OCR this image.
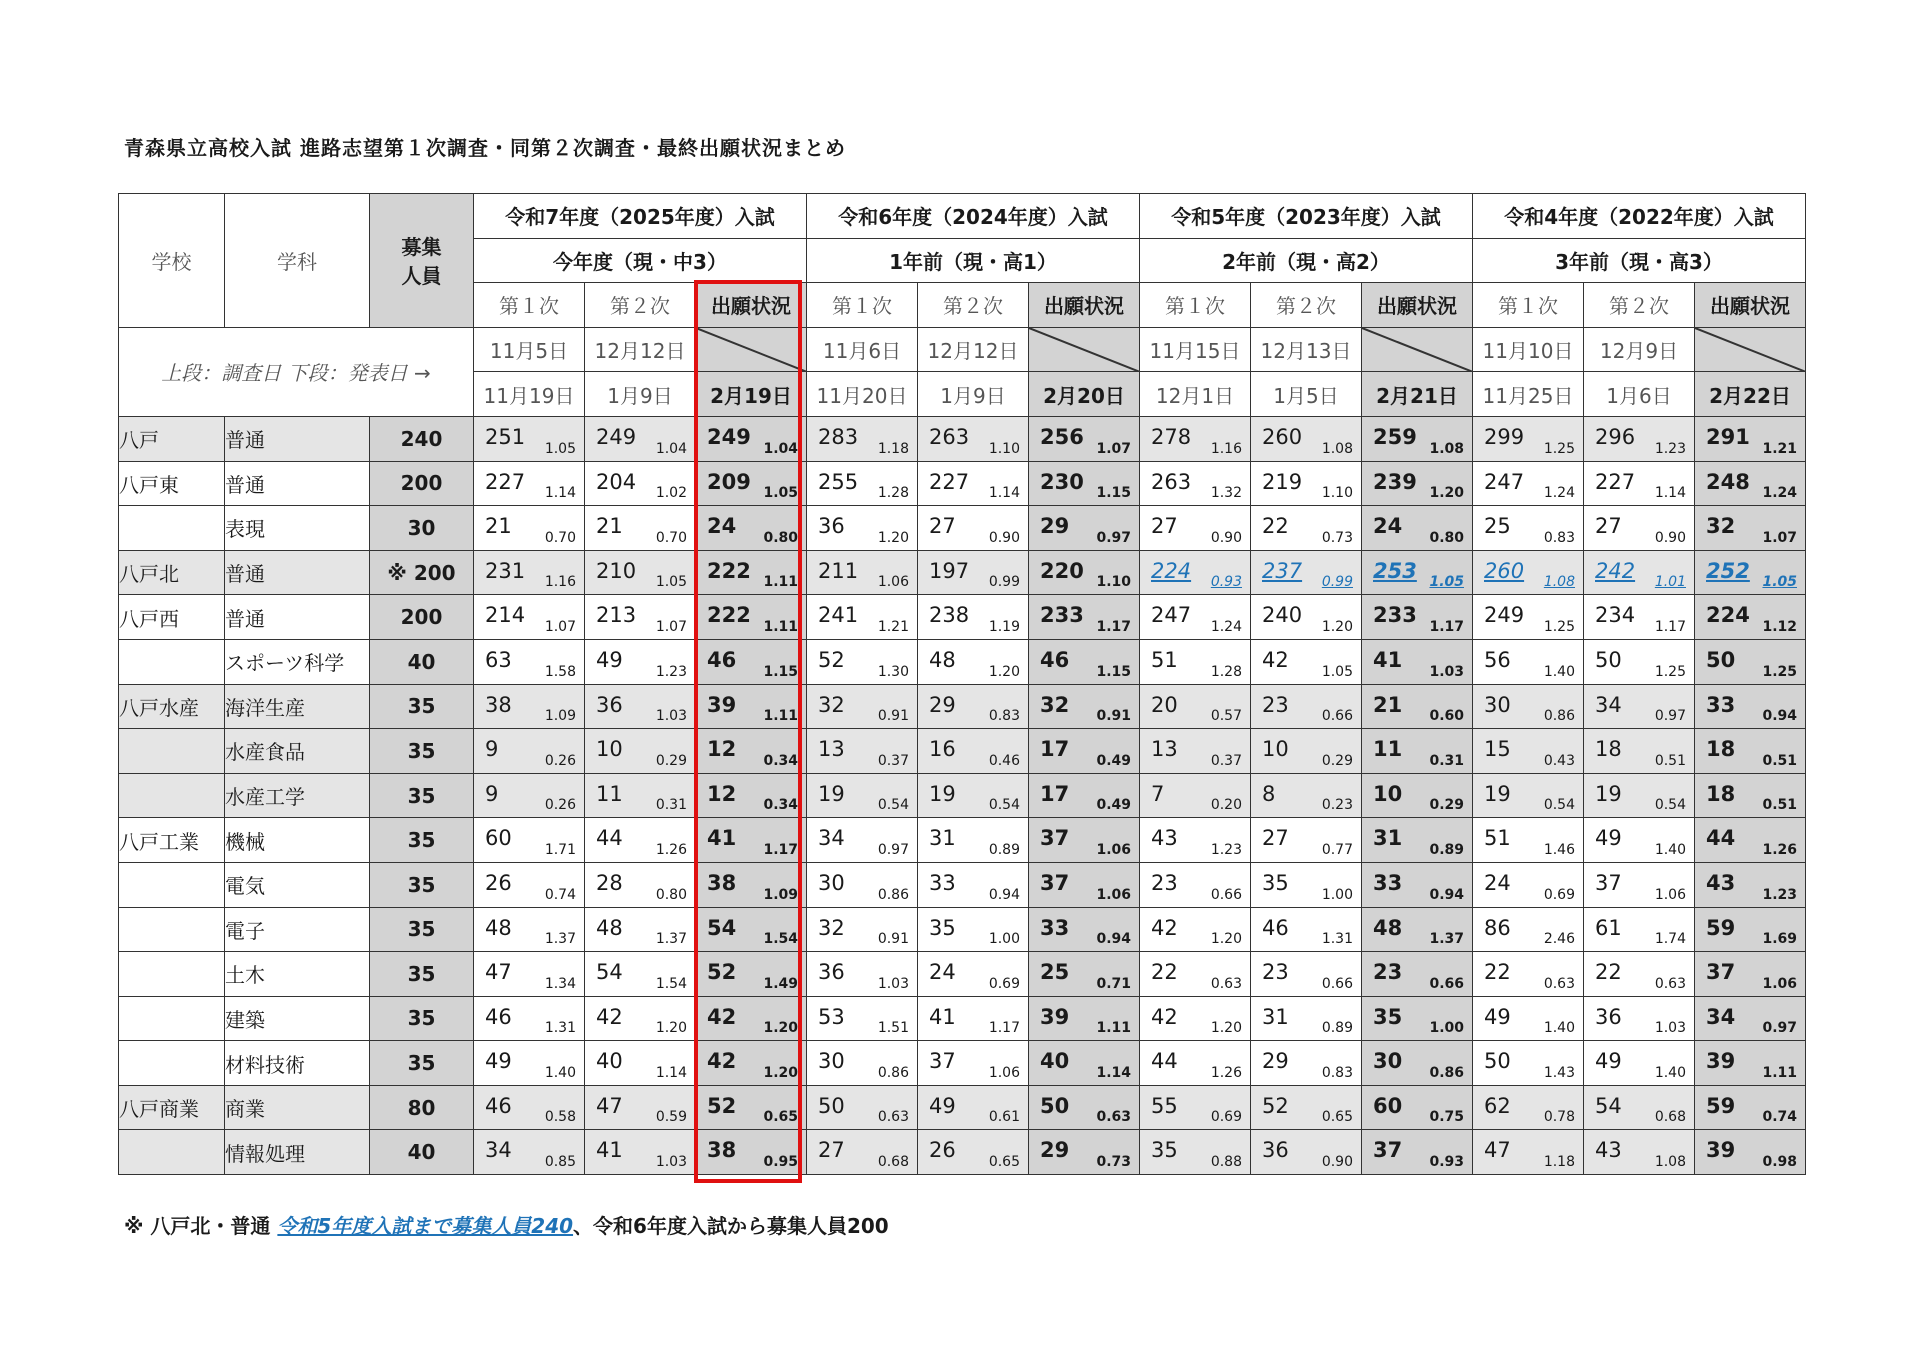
青森県立高校入試 進路志望第１次調査・同第２次調査・最終出願状況まとめ
学校	学科	募集
人員	令和7年度（2025年度）入試			令和6年度（2024年度）入試			令和5年度（2023年度）入試			令和4年度（2022年度）入試		
			今年度（現・中3）			1年前（現・高1）			2年前（現・高2）			3年前（現・高3）		
			第１次	第２次	出願状況	第１次	第２次	出願状況	第１次	第２次	出願状況	第１次	第２次	出願状況
上段：調査日 下段：発表日 →			11月5日	12月12日		11月6日	12月12日		11月15日	12月13日		11月10日	12月9日	

			11月19日	1月9日	2月19日	11月20日	1月9日	2月20日	12月1日	1月5日	2月21日	11月25日	1月6日	2月22日
八戸	普通	240	251 1.05	249 1.04	249 1.04	283 1.18	263 1.10	256 1.07	278 1.16	260 1.08	259 1.08	299 1.25	296 1.23	291 1.21

八戸東	普通	200	227 1.14	204 1.02	209 1.05	255 1.28	227 1.14	230 1.15	263 1.32	219 1.10	239 1.20	247 1.24	227 1.14	248 1.24

	表現	30	21 0.70	21 0.70	24 0.80	36 1.20	27 0.90	29 0.97	27 0.90	22 0.73	24 0.80	25 0.83	27 0.90	32 1.07

八戸北	普通	※ 200	231 1.16	210 1.05	222 1.11	211 1.06	197 0.99	220 1.10	224 0.93	237 0.99	253 1.05	260 1.08	242 1.01	252 1.05

八戸西	普通	200	214 1.07	213 1.07	222 1.11	241 1.21	238 1.19	233 1.17	247 1.24	240 1.20	233 1.17	249 1.25	234 1.17	224 1.12

	スポーツ科学	40	63 1.58	49 1.23	46 1.15	52 1.30	48 1.20	46 1.15	51 1.28	42 1.05	41 1.03	56 1.40	50 1.25	50 1.25

八戸水産	海洋生産	35	38 1.09	36 1.03	39 1.11	32 0.91	29 0.83	32 0.91	20 0.57	23 0.66	21 0.60	30 0.86	34 0.97	33 0.94

	水産食品	35	9 0.26	10 0.29	12 0.34	13 0.37	16 0.46	17 0.49	13 0.37	10 0.29	11 0.31	15 0.43	18 0.51	18 0.51

	水産工学	35	9 0.26	11 0.31	12 0.34	19 0.54	19 0.54	17 0.49	7 0.20	8 0.23	10 0.29	19 0.54	19 0.54	18 0.51

八戸工業	機械	35	60 1.71	44 1.26	41 1.17	34 0.97	31 0.89	37 1.06	43 1.23	27 0.77	31 0.89	51 1.46	49 1.40	44 1.26

	電気	35	26 0.74	28 0.80	38 1.09	30 0.86	33 0.94	37 1.06	23 0.66	35 1.00	33 0.94	24 0.69	37 1.06	43 1.23

	電子	35	48 1.37	48 1.37	54 1.54	32 0.91	35 1.00	33 0.94	42 1.20	46 1.31	48 1.37	86 2.46	61 1.74	59 1.69

	土木	35	47 1.34	54 1.54	52 1.49	36 1.03	24 0.69	25 0.71	22 0.63	23 0.66	23 0.66	22 0.63	22 0.63	37 1.06

	建築	35	46 1.31	42 1.20	42 1.20	53 1.51	41 1.17	39 1.11	42 1.20	31 0.89	35 1.00	49 1.40	36 1.03	34 0.97

	材料技術	35	49 1.40	40 1.14	42 1.20	30 0.86	37 1.06	40 1.14	44 1.26	29 0.83	30 0.86	50 1.43	49 1.40	39 1.11

八戸商業	商業	80	46 0.58	47 0.59	52 0.65	50 0.63	49 0.61	50 0.63	55 0.69	52 0.65	60 0.75	62 0.78	54 0.68	59 0.74

	情報処理	40	34 0.85	41 1.03	38 0.95	27 0.68	26 0.65	29 0.73	35 0.88	36 0.90	37 0.93	47 1.18	43 1.08	39 0.98
※ 八戸北・普通 令和5年度入試まで募集人員240、令和6年度入試から募集人員200
